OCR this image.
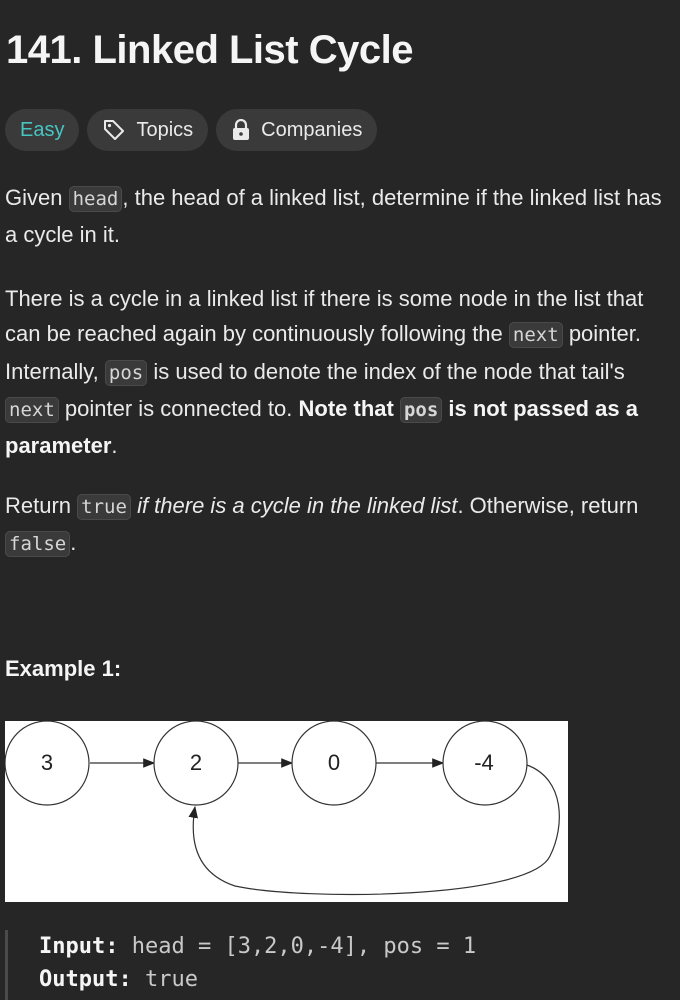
141. Linked List Cycle
Easy	Topics	Companies

Given head , the head of a linked list, determine if the linked list has a cycle in it.

There is a cycle in a linked list if there is some node in the list that can be reached again by continuously following the next pointer. Internally, pos is used to denote the index of the node that tail's next pointer is connected to. Note that pos is not passed as a parameter.

Return true if there is a cycle in the linked list. Otherwise, return false .

Example 1:
3	2	0	-4
Input: head = [3,2,0,-4], pos = 1
Output: true
